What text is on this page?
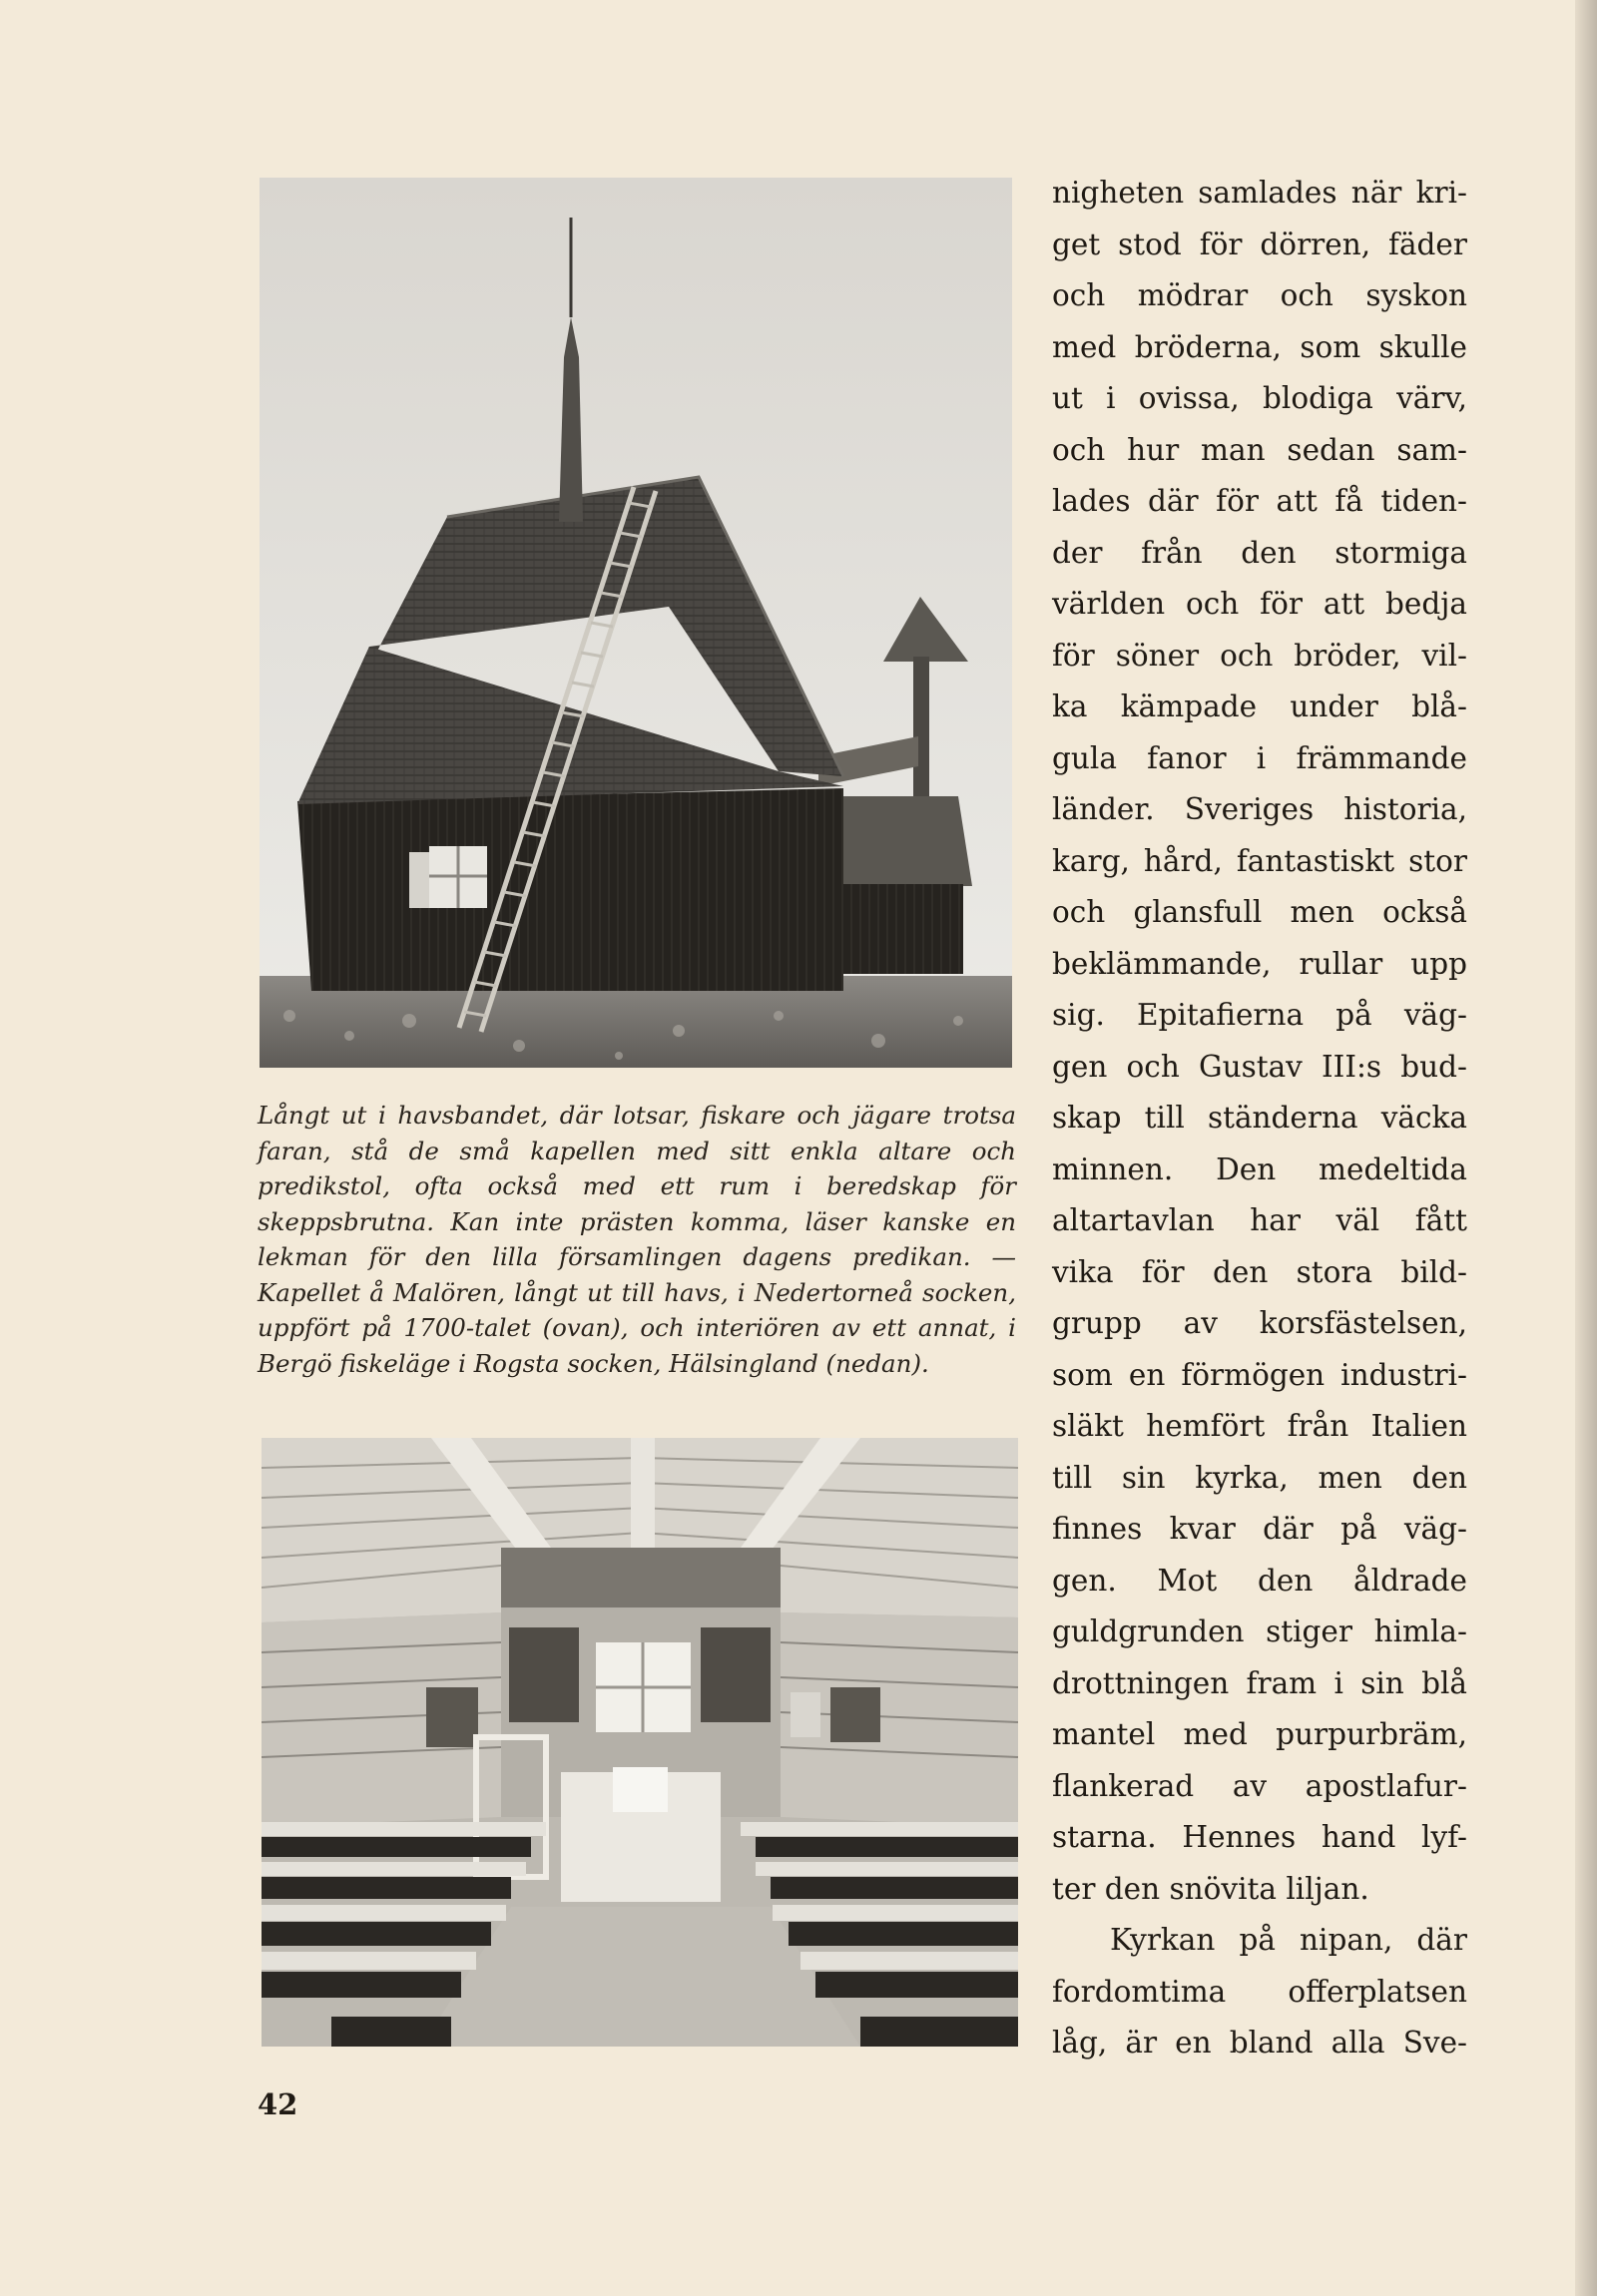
Långt ut i havsbandet, där lotsar, fiskare och jägare trotsa faran, stå de små kapellen med sitt enkla altare och predikstol, ofta också med ett rum i beredskap för skeppsbrutna. Kan inte prästen komma, läser kanske en lekman för den lilla församlingen dagens predikan. — Kapellet å Malören, långt ut till havs, i Nedertorneå socken, uppfört på 1700-talet (ovan), och interiören av ett annat, i Bergö fiskeläge i Rogsta socken, Hälsingland (nedan).

nigheten samlades när kri-
get stod för dörren, fäder
och mödrar och syskon
med bröderna, som skulle
ut i ovissa, blodiga värv,
och hur man sedan sam-
lades där för att få tiden-
der från den stormiga
världen och för att bedja
för söner och bröder, vil-
ka kämpade under blå-
gula fanor i främmande
länder. Sveriges historia,
karg, hård, fantastiskt stor
och glansfull men också
beklämmande, rullar upp
sig. Epitafierna på väg-
gen och Gustav III:s bud-
skap till ständerna väcka
minnen. Den medeltida
altartavlan har väl fått
vika för den stora bild-
grupp av korsfästelsen,
som en förmögen industri-
släkt hemfört från Italien
till sin kyrka, men den
finnes kvar där på väg-
gen. Mot den åldrade
guldgrunden stiger himla-
drottningen fram i sin blå
mantel med purpurbräm,
flankerad av apostlafur-
starna. Hennes hand lyf-
ter den snövita liljan.
Kyrkan på nipan, där
fordomtima offerplatsen
låg, är en bland alla Sve-
42
